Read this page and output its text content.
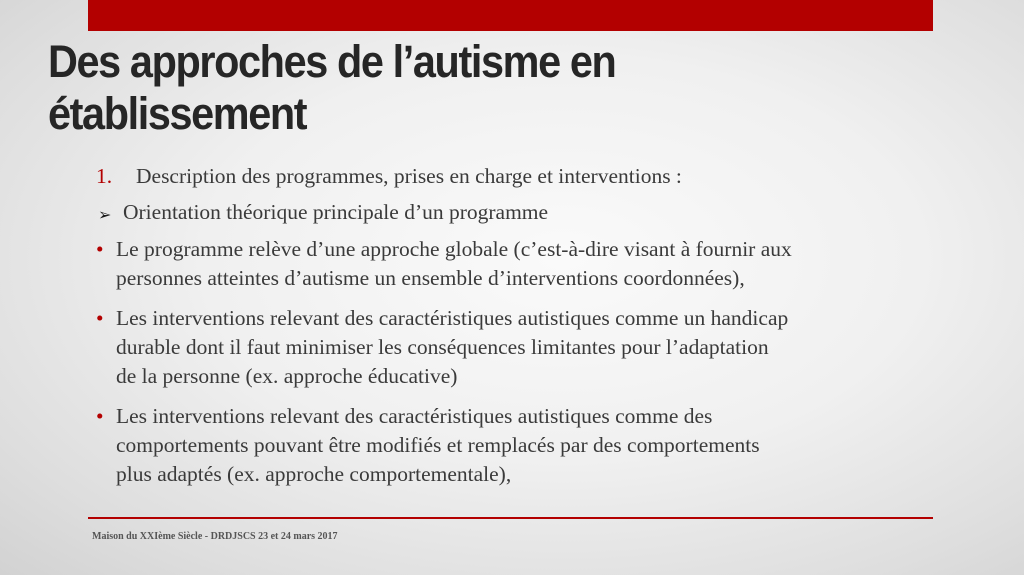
Des approches de l’autisme en
établissement
1.	Description des programmes, prises en charge et interventions :
➢ Orientation théorique principale d’un programme
• Le programme relève d’une approche globale (c’est-à-dire visant à fournir aux
personnes atteintes d’autisme un ensemble d’interventions coordonnées),
• Les interventions relevant des caractéristiques autistiques comme un handicap
durable dont il faut minimiser les conséquences limitantes pour l’adaptation
de la personne (ex. approche éducative)
• Les interventions relevant des caractéristiques autistiques comme des
comportements pouvant être modifiés et remplacés par des comportements
plus adaptés (ex. approche comportementale),
Maison du XXIème Siècle - DRDJSCS 23 et 24 mars 2017
